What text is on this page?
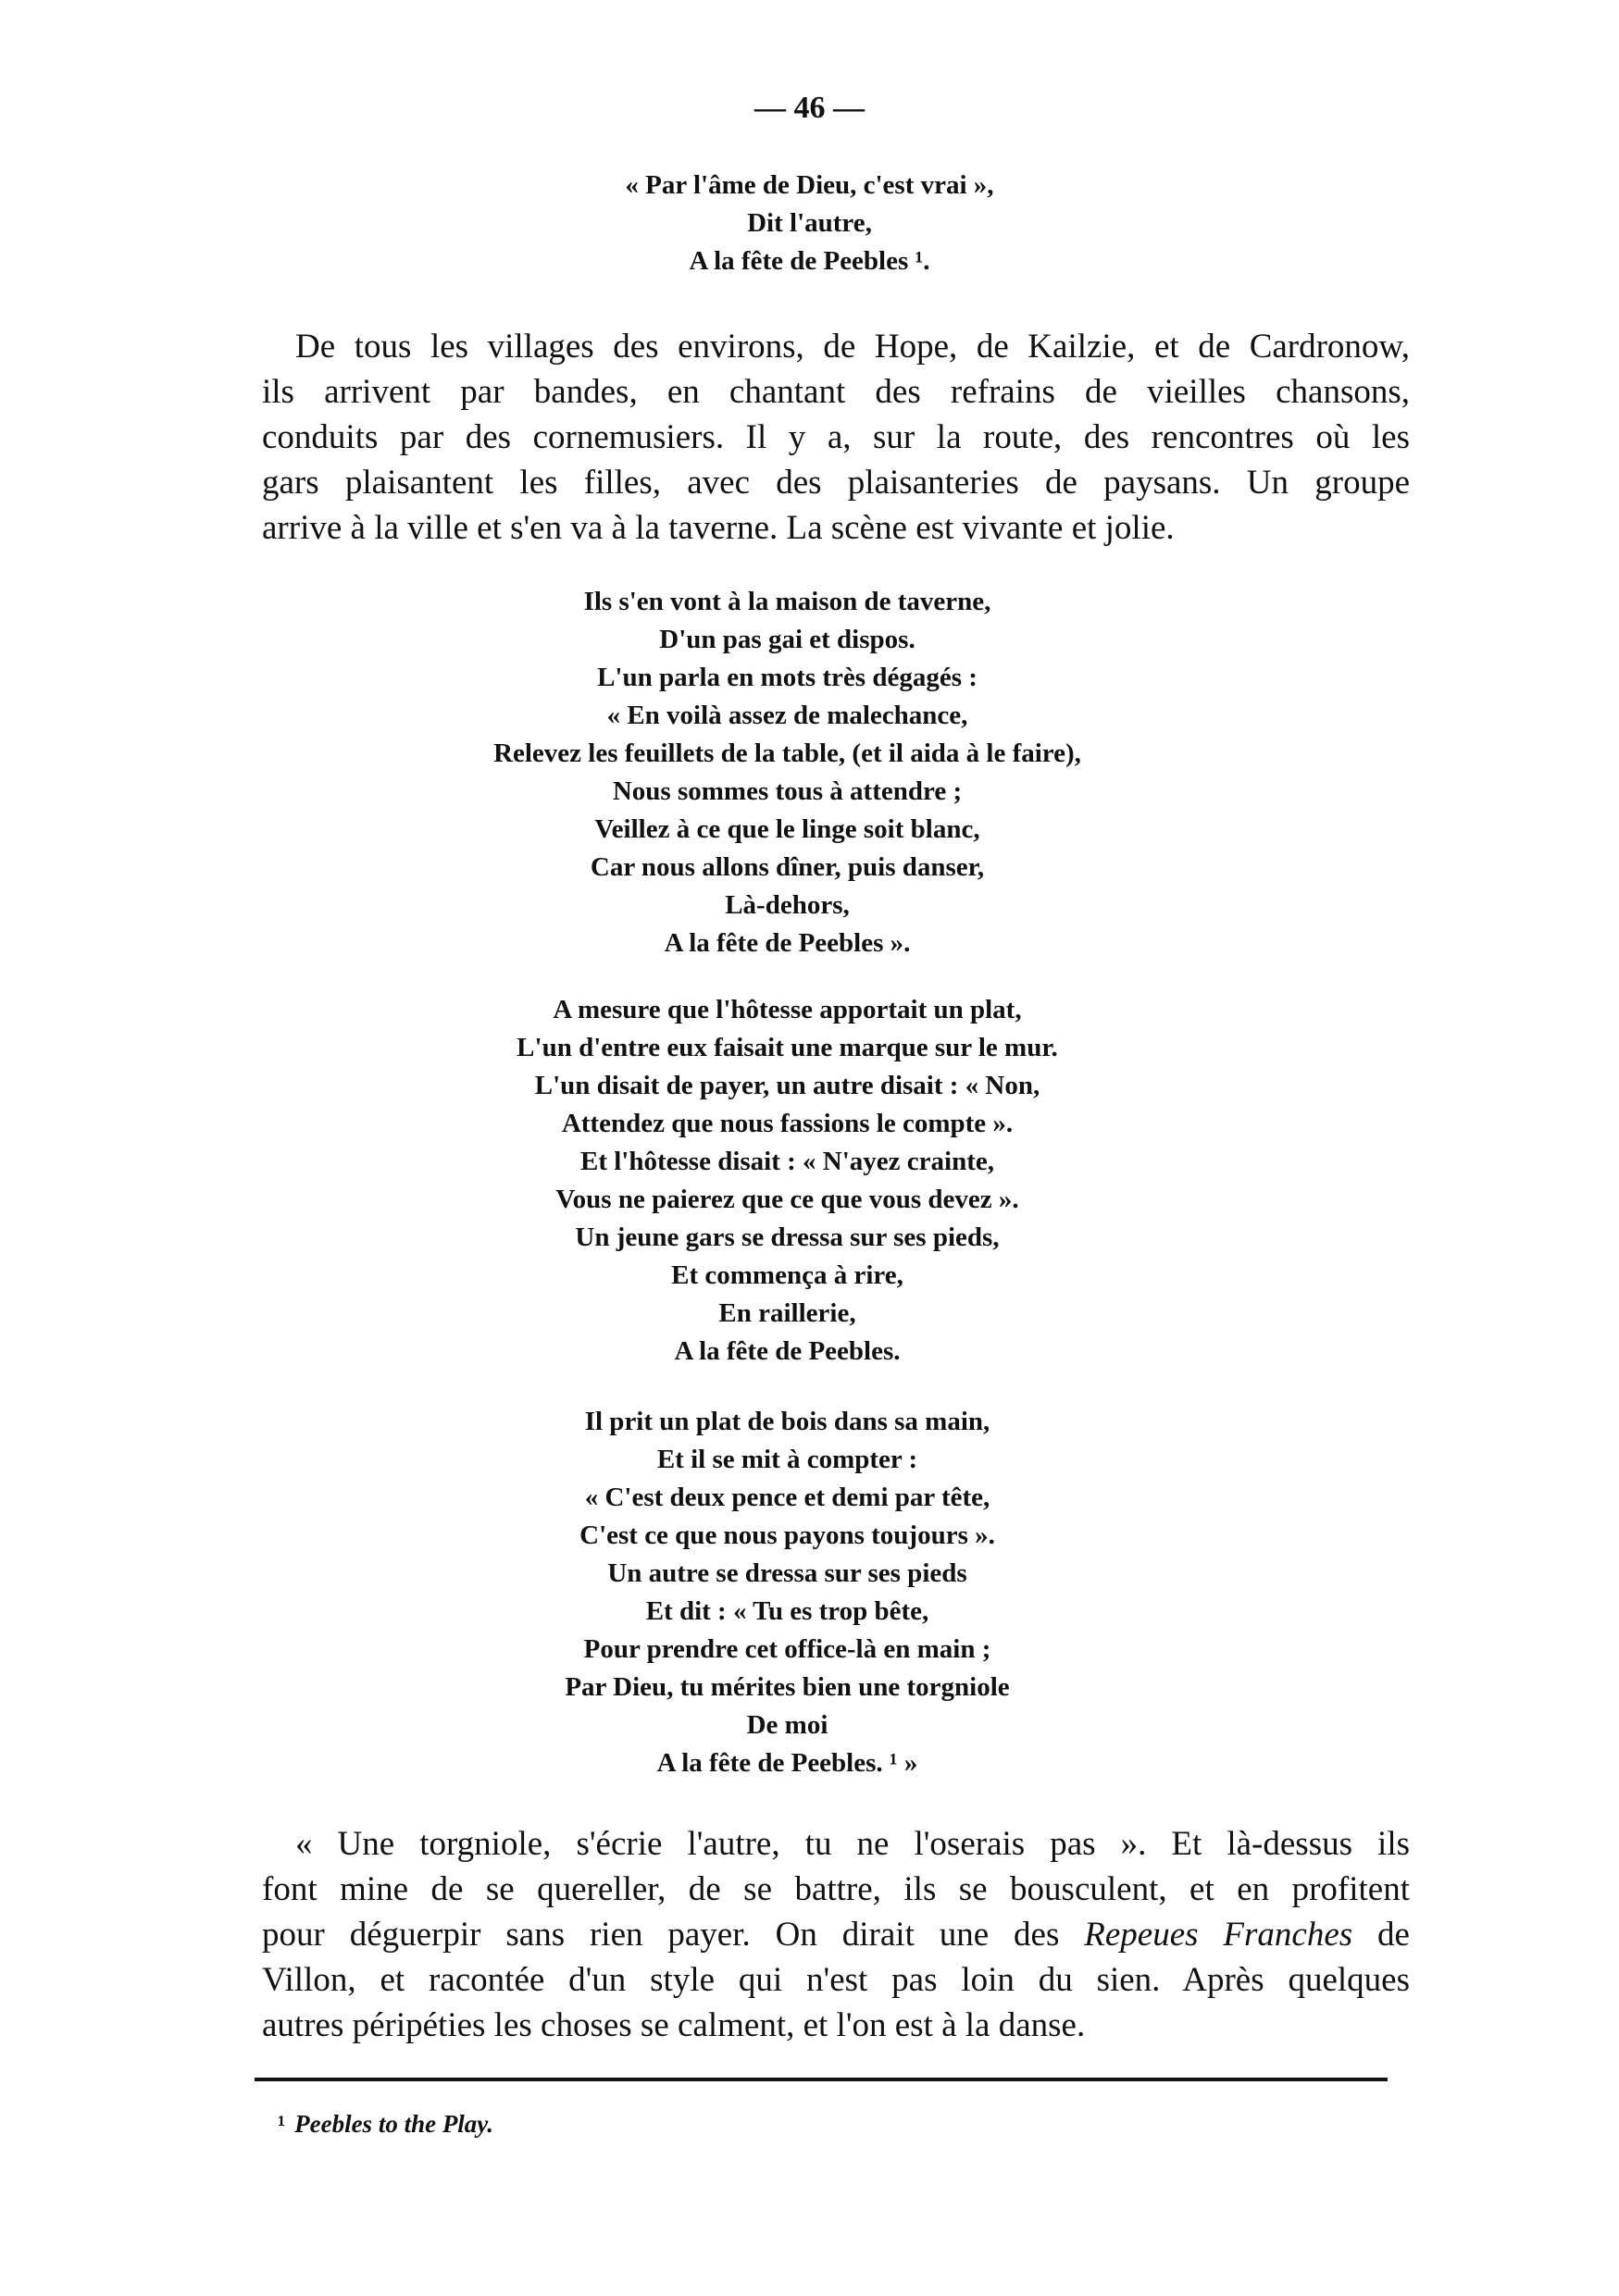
— 46 —
« Par l'âme de Dieu, c'est vrai »,
Dit l'autre,
A la fête de Peebles ¹.
De tous les villages des environs, de Hope, de Kailzie, et de Cardronow,
ils arrivent par bandes, en chantant des refrains de vieilles chansons,
conduits par des cornemusiers. Il y a, sur la route, des rencontres où les
gars plaisantent les filles, avec des plaisanteries de paysans. Un groupe
arrive à la ville et s'en va à la taverne. La scène est vivante et jolie.
Ils s'en vont à la maison de taverne,
D'un pas gai et dispos.
L'un parla en mots très dégagés :
« En voilà assez de malechance,
Relevez les feuillets de la table, (et il aida à le faire),
Nous sommes tous à attendre ;
Veillez à ce que le linge soit blanc,
Car nous allons dîner, puis danser,
Là-dehors,
A la fête de Peebles ».
A mesure que l'hôtesse apportait un plat,
L'un d'entre eux faisait une marque sur le mur.
L'un disait de payer, un autre disait : « Non,
Attendez que nous fassions le compte ».
Et l'hôtesse disait : « N'ayez crainte,
Vous ne paierez que ce que vous devez ».
Un jeune gars se dressa sur ses pieds,
Et commença à rire,
En raillerie,
A la fête de Peebles.
Il prit un plat de bois dans sa main,
Et il se mit à compter :
« C'est deux pence et demi par tête,
C'est ce que nous payons toujours ».
Un autre se dressa sur ses pieds
Et dit : « Tu es trop bête,
Pour prendre cet office-là en main ;
Par Dieu, tu mérites bien une torgniole
De moi
A la fête de Peebles. ¹ »
« Une torgniole, s'écrie l'autre, tu ne l'oserais pas ». Et là-dessus ils
font mine de se quereller, de se battre, ils se bousculent, et en profitent
pour déguerpir sans rien payer. On dirait une des Repeues Franches de
Villon, et racontée d'un style qui n'est pas loin du sien. Après quelques
autres péripéties les choses se calment, et l'on est à la danse.
¹ Peebles to the Play.
